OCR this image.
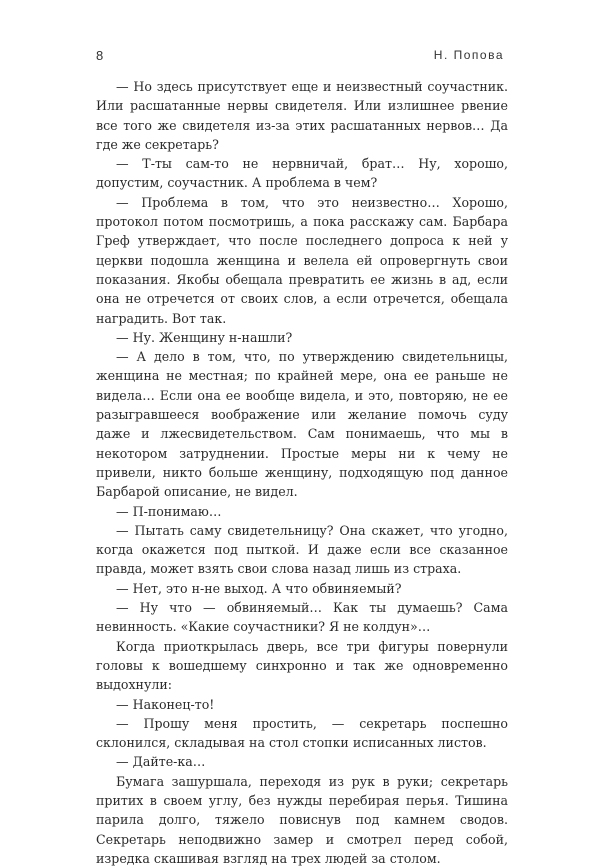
8	Н. Попова

— Но здесь присутствует еще и неизвестный соучастник. Или расшатанные нервы свидетеля. Или излишнее рвение все того же свидетеля из-за этих расшатанных нервов… Да где же секретарь?

— Т-ты сам-то не нервничай, брат… Ну, хорошо, допустим, соучастник. А проблема в чем?

— Проблема в том, что это неизвестно… Хорошо, протокол потом посмотришь, а пока расскажу сам. Барбара Греф утверждает, что после последнего допроса к ней у церкви подошла женщина и велела ей опровергнуть свои показания. Якобы обещала превратить ее жизнь в ад, если она не отречется от своих слов, а если отречется, обещала наградить. Вот так.

— Ну. Женщину н-нашли?

— А дело в том, что, по утверждению свидетельницы, женщина не местная; по крайней мере, она ее раньше не видела… Если она ее вообще видела, и это, повторяю, не ее разыгравшееся воображение или желание помочь суду даже и лжесвидетельством. Сам понимаешь, что мы в некотором затруднении. Простые меры ни к чему не привели, никто больше женщину, подходящую под данное Барбарой описание, не видел.

— П-понимаю…

— Пытать саму свидетельницу? Она скажет, что угодно, когда окажется под пыткой. И даже если все сказанное правда, может взять свои слова назад лишь из страха.

— Нет, это н-не выход. А что обвиняемый?

— Ну что — обвиняемый… Как ты думаешь? Сама невинность. «Какие соучастники? Я не колдун»…

Когда приоткрылась дверь, все три фигуры повернули головы к вошедшему синхронно и так же одновременно выдохнули:

— Наконец-то!

— Прошу меня простить, — секретарь поспешно склонился, складывая на стол стопки исписанных листов.

— Дайте-ка…

Бумага зашуршала, переходя из рук в руки; секретарь притих в своем углу, без нужды перебирая перья. Тишина парила долго, тяжело повиснув под камнем сводов. Секретарь неподвижно замер и смотрел перед собой, изредка скашивая взгляд на трех людей за столом.
